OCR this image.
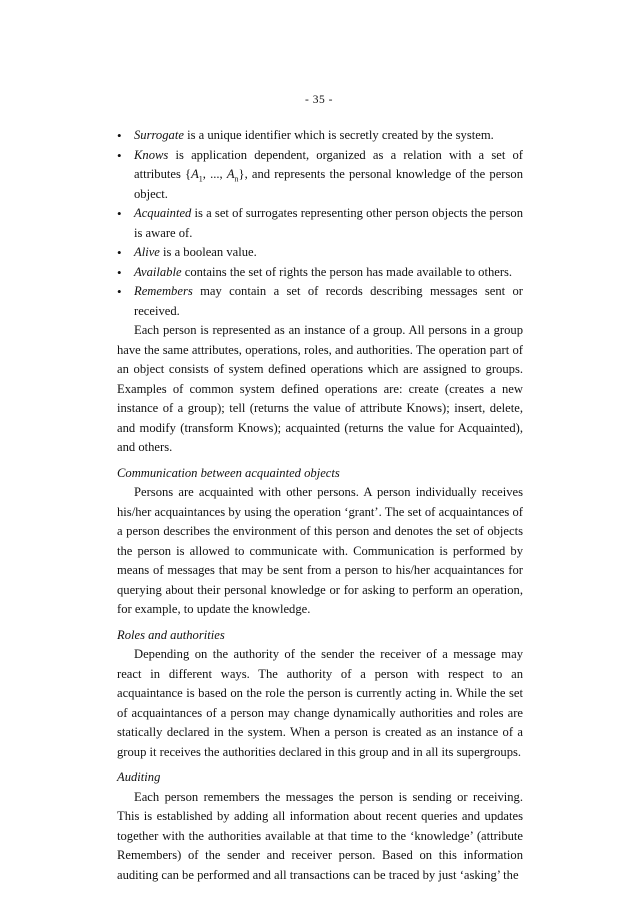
- 35 -
• Surrogate is a unique identifier which is secretly created by the system.
• Knows is application dependent, organized as a relation with a set of attributes {$A_1$, ..., $A_n$}, and represents the personal knowledge of the person object.
• Acquainted is a set of surrogates representing other person objects the person is aware of.
• Alive is a boolean value.
• Available contains the set of rights the person has made available to others.
• Remembers may contain a set of records describing messages sent or received.

Each person is represented as an instance of a group. All persons in a group have the same attributes, operations, roles, and authorities. The operation part of an object consists of system defined operations which are assigned to groups. Examples of common system defined operations are: create (creates a new instance of a group); tell (returns the value of attribute Knows); insert, delete, and modify (transform Knows); acquainted (returns the value for Acquainted), and others.

Communication between acquainted objects

Persons are acquainted with other persons. A person individually receives his/her acquaintances by using the operation ‘grant’. The set of acquaintances of a person describes the environment of this person and denotes the set of objects the person is allowed to communicate with. Communication is performed by means of messages that may be sent from a person to his/her acquaintances for querying about their personal knowledge or for asking to perform an operation, for example, to update the knowledge.

Roles and authorities

Depending on the authority of the sender the receiver of a message may react in different ways. The authority of a person with respect to an acquaintance is based on the role the person is currently acting in. While the set of acquaintances of a person may change dynamically authorities and roles are statically declared in the system. When a person is created as an instance of a group it receives the authorities declared in this group and in all its supergroups.

Auditing

Each person remembers the messages the person is sending or receiving. This is established by adding all information about recent queries and updates together with the authorities available at that time to the ‘knowledge’ (attribute Remembers) of the sender and receiver person. Based on this information auditing can be performed and all transactions can be traced by just ‘asking’ the
